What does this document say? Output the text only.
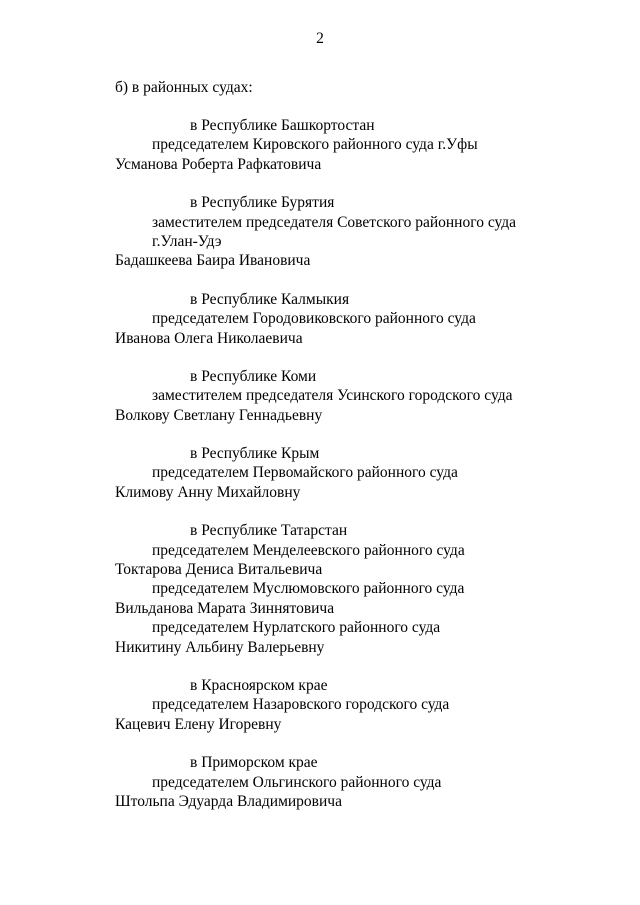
2
б) в районных судах:
в Республике Башкортостан
председателем Кировского районного суда г.Уфы
Усманова Роберта Рафкатовича
в Республике Бурятия
заместителем председателя Советского районного суда
г.Улан-Удэ
Бадашкеева Баира Ивановича
в Республике Калмыкия
председателем Городовиковского районного суда
Иванова Олега Николаевича
в Республике Коми
заместителем председателя Усинского городского суда
Волкову Светлану Геннадьевну
в Республике Крым
председателем Первомайского районного суда
Климову Анну Михайловну
в Республике Татарстан
председателем Менделеевского районного суда
Токтарова Дениса Витальевича
председателем Муслюмовского районного суда
Вильданова Марата Зиннятовича
председателем Нурлатского районного суда
Никитину Альбину Валерьевну
в Красноярском крае
председателем Назаровского городского суда
Кацевич Елену Игоревну
в Приморском крае
председателем Ольгинского районного суда
Штольпа Эдуарда Владимировича
